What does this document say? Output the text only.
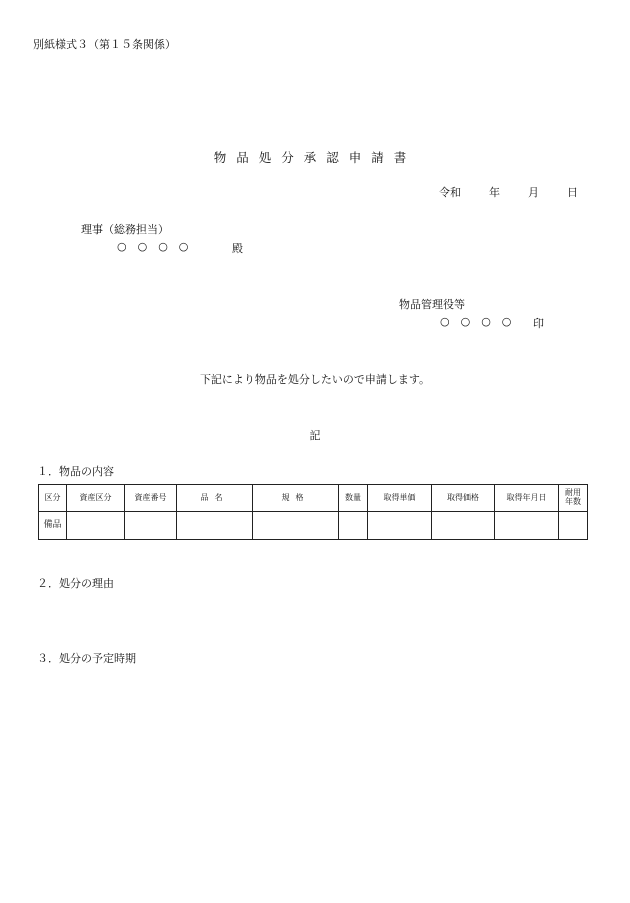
別紙様式３（第１５条関係）
物品処分承認申請書
令和	年	月	日
理事（総務担当）
○○○○	殿
物品管理役等
○○○○ 印
下記により物品を処分したいので申請します。
記
１．物品の内容
区分	資産区分	資産番号	品名	規格	数量	取得単価	取得価格	取得年月日	耐用
年数
備品									
２．処分の理由
３．処分の予定時期
